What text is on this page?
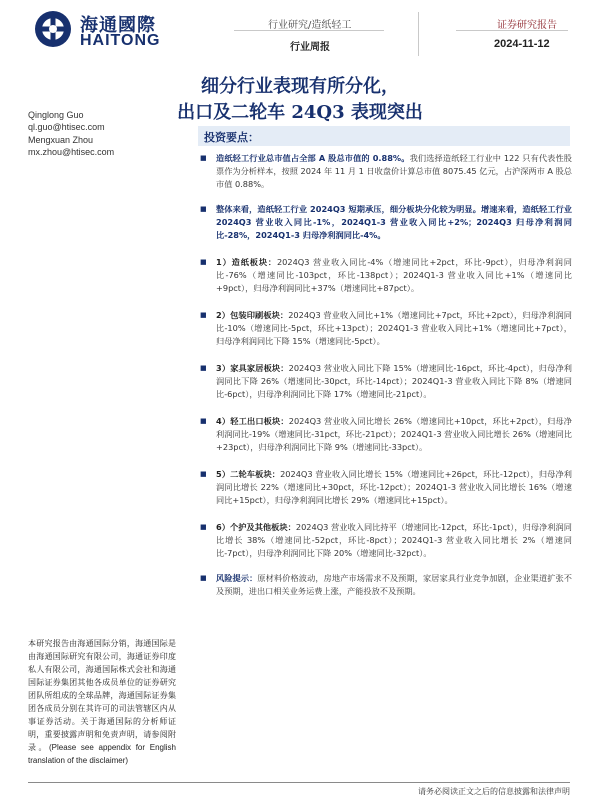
海通國際
HAITONG
行业研究/造纸轻工
行业周报
证券研究报告
2024-11-12
细分行业表现有所分化，
出口及二轮车 24Q3 表现突出
Qinglong Guo
ql.guo@htisec.com
Mengxuan Zhou
mx.zhou@htisec.com
投资要点：
■ 造纸轻工行业总市值占全部 A 股总市值的 0.88%。我们选择造纸轻工行业中 122 只有代表性股票作为分析样本，按照 2024 年 11 月 1 日收盘价计算总市值 8075.45 亿元，占沪深两市 A 股总市值 0.88%。
■ 整体来看，造纸轻工行业 2024Q3 短期承压，细分板块分化较为明显。增速来看，造纸轻工行业 2024Q3 营业收入同比-1%，2024Q1-3 营业收入同比+2%；2024Q3 归母净利润同比-28%，2024Q1-3 归母净利润同比-4%。
■ 1）造纸板块：2024Q3 营业收入同比-4%（增速同比+2pct，环比-9pct），归母净利润同比-76%（增速同比-103pct，环比-138pct）；2024Q1-3 营业收入同比+1%（增速同比+9pct），归母净利润同比+37%（增速同比+87pct）。
■ 2）包装印刷板块：2024Q3 营业收入同比+1%（增速同比+7pct，环比+2pct），归母净利润同比-10%（增速同比-5pct，环比+13pct）；2024Q1-3 营业收入同比+1%（增速同比+7pct），归母净利润同比下降 15%（增速同比-5pct）。
■ 3）家具家居板块：2024Q3 营业收入同比下降 15%（增速同比-16pct，环比-4pct），归母净利润同比下降 26%（增速同比-30pct，环比-14pct）；2024Q1-3 营业收入同比下降 8%（增速同比-6pct），归母净利润同比下降 17%（增速同比-21pct）。
■ 4）轻工出口板块：2024Q3 营业收入同比增长 26%（增速同比+10pct，环比+2pct），归母净利润同比-19%（增速同比-31pct，环比-21pct）；2024Q1-3 营业收入同比增长 26%（增速同比+23pct），归母净利润同比下降 9%（增速同比-33pct）。
■ 5）二轮车板块：2024Q3 营业收入同比增长 15%（增速同比+26pct，环比-12pct），归母净利润同比增长 22%（增速同比+30pct，环比-12pct）；2024Q1-3 营业收入同比增长 16%（增速同比+15pct），归母净利润同比增长 29%（增速同比+15pct）。
■ 6）个护及其他板块：2024Q3 营业收入同比持平（增速同比-12pct，环比-1pct），归母净利润同比增长 38%（增速同比-52pct，环比-8pct）；2024Q1-3 营业收入同比增长 2%（增速同比-7pct），归母净利润同比下降 20%（增速同比-32pct）。
■ 风险提示：原材料价格波动，房地产市场需求不及预期，家居家具行业竞争加剧，企业渠道扩张不及预期，进出口相关业务运费上涨，产能投放不及预期。
本研究报告由海通国际分销，海通国际是由海通国际研究有限公司，海通证券印度私人有限公司，海通国际株式会社和海通国际证券集团其他各成员单位的证券研究团队所组成的全球品牌，海通国际证券集团各成员分别在其许可的司法管辖区内从事证券活动。关于海通国际的分析师证明，重要披露声明和免责声明，请参阅附录。(Please see appendix for English translation of the disclaimer)
请务必阅读正文之后的信息披露和法律声明
